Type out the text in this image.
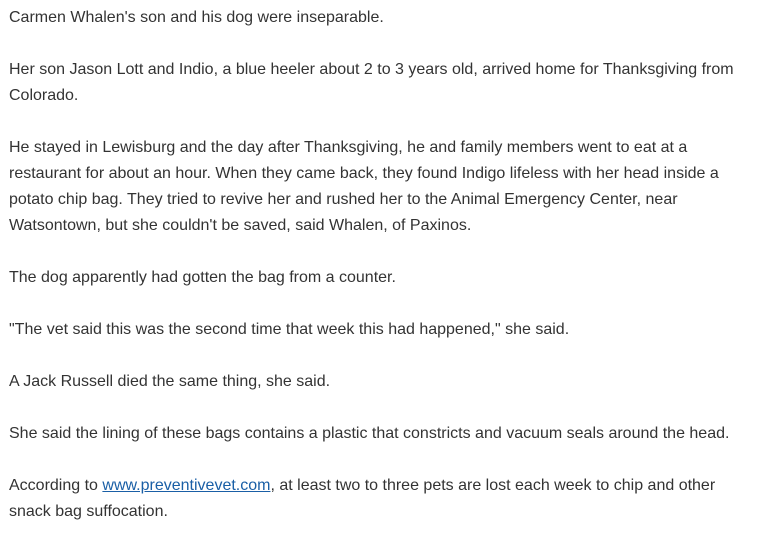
Carmen Whalen's son and his dog were inseparable.

Her son Jason Lott and Indio, a blue heeler about 2 to 3 years old, arrived home for Thanksgiving from Colorado.

He stayed in Lewisburg and the day after Thanksgiving, he and family members went to eat at a restaurant for about an hour. When they came back, they found Indigo lifeless with her head inside a potato chip bag. They tried to revive her and rushed her to the Animal Emergency Center, near Watsontown, but she couldn't be saved, said Whalen, of Paxinos.

The dog apparently had gotten the bag from a counter.

"The vet said this was the second time that week this had happened," she said.

A Jack Russell died the same thing, she said.

She said the lining of these bags contains a plastic that constricts and vacuum seals around the head.

According to www.preventivevet.com, at least two to three pets are lost each week to chip and other snack bag suffocation.
